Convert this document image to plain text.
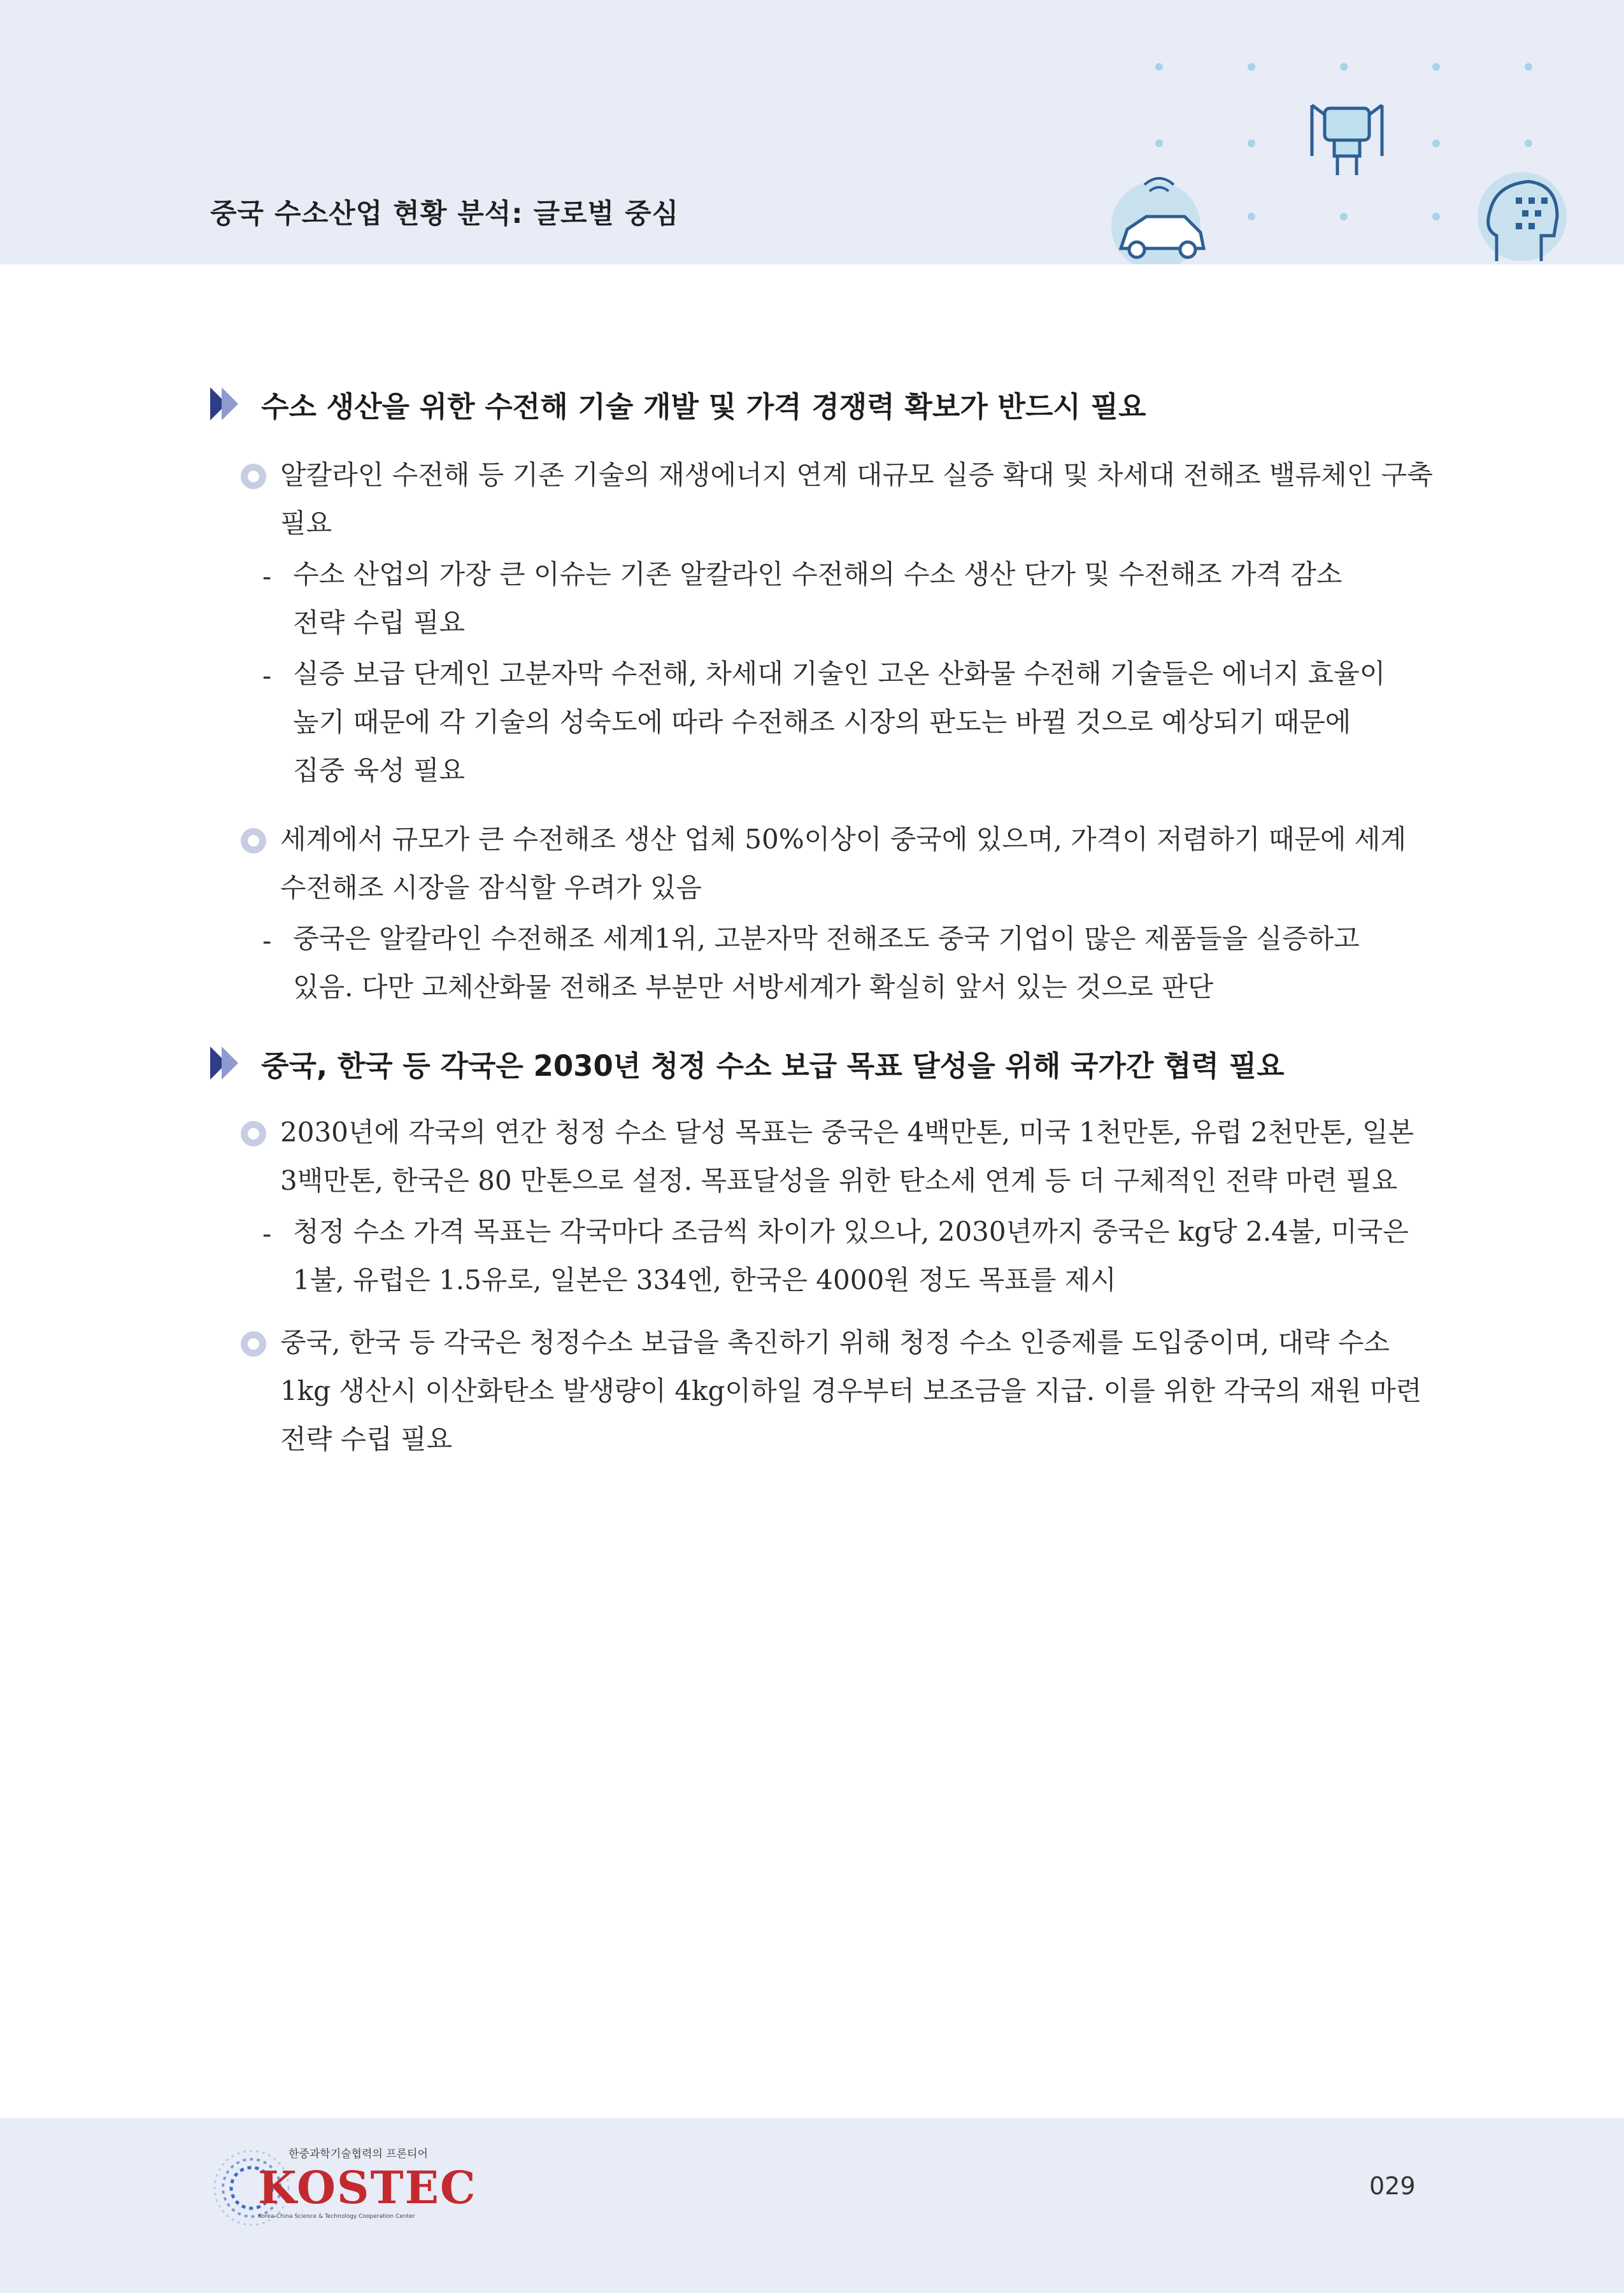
중국 수소산업 현황 분석: 글로벌 중심
수소 생산을 위한 수전해 기술 개발 및 가격 경쟁력 확보가 반드시 필요
알칼라인 수전해 등 기존 기술의 재생에너지 연계 대규모 실증 확대 및 차세대 전해조 밸류체인 구축
필요
- 수소 산업의 가장 큰 이슈는 기존 알칼라인 수전해의 수소 생산 단가 및 수전해조 가격 감소
전략 수립 필요
- 실증 보급 단계인 고분자막 수전해, 차세대 기술인 고온 산화물 수전해 기술들은 에너지 효율이
높기 때문에 각 기술의 성숙도에 따라 수전해조 시장의 판도는 바뀔 것으로 예상되기 때문에
집중 육성 필요
세계에서 규모가 큰 수전해조 생산 업체 50%이상이 중국에 있으며, 가격이 저렴하기 때문에 세계
수전해조 시장을 잠식할 우려가 있음
- 중국은 알칼라인 수전해조 세계1위, 고분자막 전해조도 중국 기업이 많은 제품들을 실증하고
있음. 다만 고체산화물 전해조 부분만 서방세계가 확실히 앞서 있는 것으로 판단
중국, 한국 등 각국은 2030년 청정 수소 보급 목표 달성을 위해 국가간 협력 필요
2030년에 각국의 연간 청정 수소 달성 목표는 중국은 4백만톤, 미국 1천만톤, 유럽 2천만톤, 일본
3백만톤, 한국은 80 만톤으로 설정. 목표달성을 위한 탄소세 연계 등 더 구체적인 전략 마련 필요
- 청정 수소 가격 목표는 각국마다 조금씩 차이가 있으나, 2030년까지 중국은 kg당 2.4불, 미국은
1불, 유럽은 1.5유로, 일본은 334엔, 한국은 4000원 정도 목표를 제시
중국, 한국 등 각국은 청정수소 보급을 촉진하기 위해 청정 수소 인증제를 도입중이며, 대략 수소
1kg 생산시 이산화탄소 발생량이 4kg이하일 경우부터 보조금을 지급. 이를 위한 각국의 재원 마련
전략 수립 필요
한중과학기술협력의 프론티어
KOSTEC
Korea-China Science & Technology Cooperation Center
029
